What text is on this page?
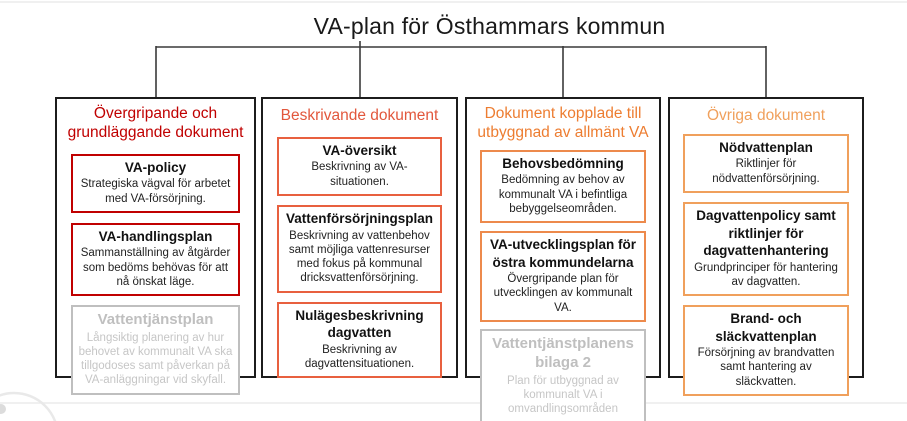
VA-plan för Östhammars kommun
Övergripande och grundläggande dokument
VA-policy
Strategiska vägval för arbetet med VA-försörjning.
VA-handlingsplan
Sammanställning av åtgärder som bedöms behövas för att nå önskat läge.
Vattentjänstplan
Långsiktig planering av hur behovet av kommunalt VA ska tillgodoses samt påverkan på VA-anläggningar vid skyfall.
Beskrivande dokument
VA-översikt
Beskrivning av VA-situationen.
Vattenförsörjningsplan
Beskrivning av vattenbehov samt möjliga vattenresurser med fokus på kommunal dricksvattenförsörjning.
Nulägesbeskrivning dagvatten
Beskrivning av dagvattensituationen.
Dokument kopplade till utbyggnad av allmänt VA
Behovsbedömning
Bedömning av behov av kommunalt VA i befintliga bebyggelseområden.
VA-utvecklingsplan för östra kommundelarna
Övergripande plan för utvecklingen av kommunalt VA.
Vattentjänstplanens bilaga 2
Plan för utbyggnad av kommunalt VA i omvandlingsområden
Övriga dokument
Nödvattenplan
Riktlinjer för nödvattenförsörjning.
Dagvattenpolicy samt riktlinjer för dagvattenhantering
Grundprinciper för hantering av dagvatten.
Brand- och släckvattenplan
Försörjning av brandvatten samt hantering av släckvatten.
